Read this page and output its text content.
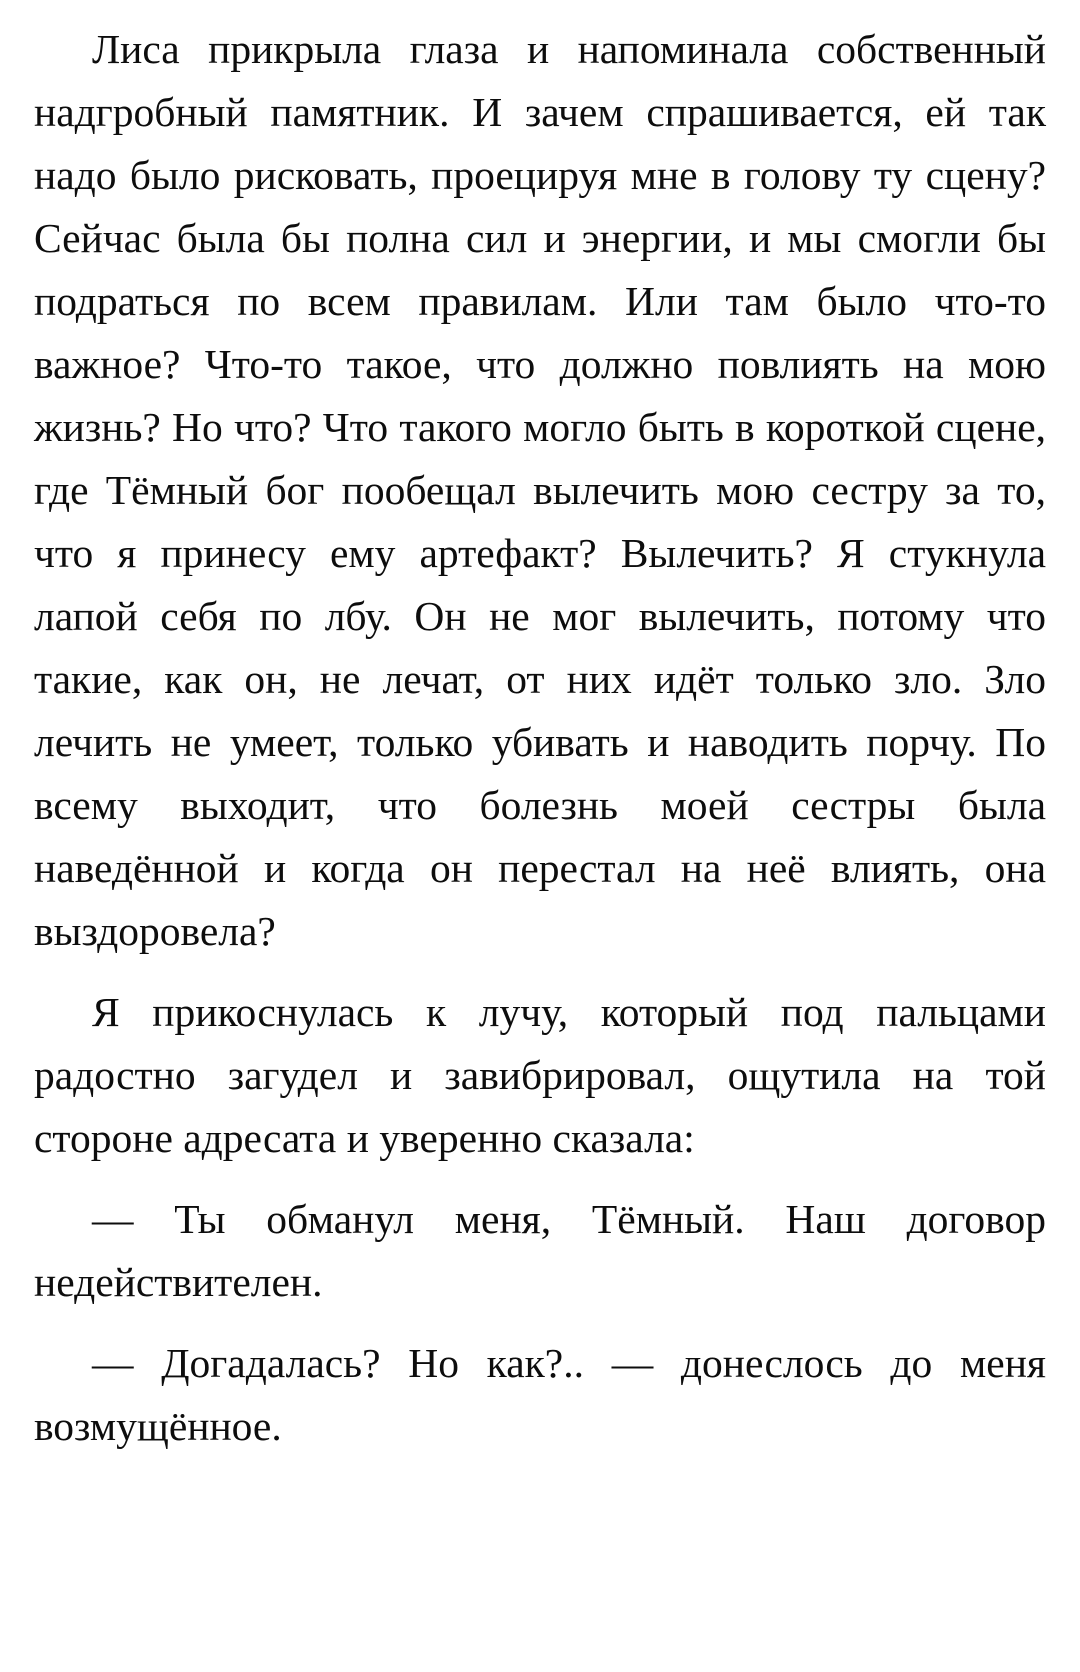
Лиса прикрыла глаза и напоминала собственный надгробный памятник. И зачем спрашивается, ей так надо было рисковать, проецируя мне в голову ту сцену? Сейчас была бы полна сил и энергии, и мы смогли бы подраться по всем правилам. Или там было что-то важное? Что-то такое, что должно повлиять на мою жизнь? Но что? Что такого могло быть в короткой сцене, где Тёмный бог пообещал вылечить мою сестру за то, что я принесу ему артефакт? Вылечить? Я стукнула лапой себя по лбу. Он не мог вылечить, потому что такие, как он, не лечат, от них идёт только зло. Зло лечить не умеет, только убивать и наводить порчу. По всему выходит, что болезнь моей сестры была наведённой и когда он перестал на неё влиять, она выздоровела?

Я прикоснулась к лучу, который под пальцами радостно загудел и завибрировал, ощутила на той стороне адресата и уверенно сказала:

— Ты обманул меня, Тёмный. Наш договор недействителен.

— Догадалась? Но как?.. — донеслось до меня возмущённое.
